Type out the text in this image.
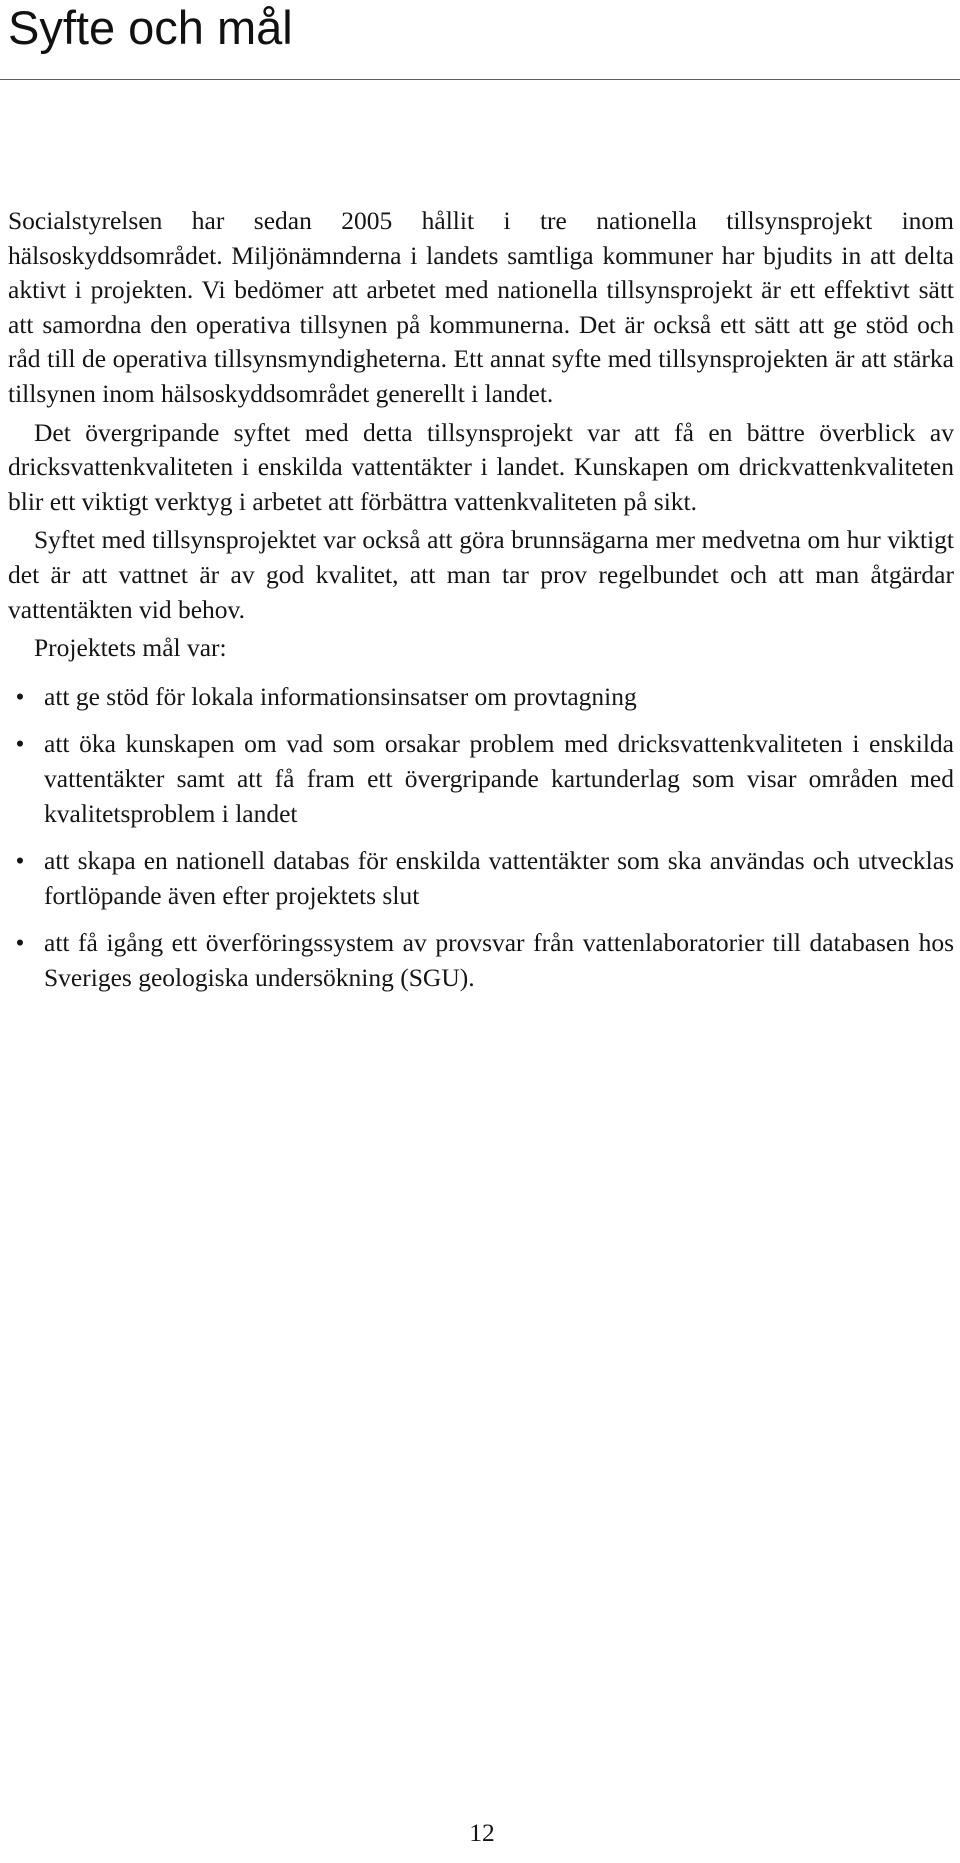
Syfte och mål

Socialstyrelsen har sedan 2005 hållit i tre nationella tillsynsprojekt inom hälsoskyddsområdet. Miljönämnderna i landets samtliga kommuner har bjudits in att delta aktivt i projekten. Vi bedömer att arbetet med nationella tillsynsprojekt är ett effektivt sätt att samordna den operativa tillsynen på kommunerna. Det är också ett sätt att ge stöd och råd till de operativa tillsynsmyndigheterna. Ett annat syfte med tillsynsprojekten är att stärka tillsynen inom hälsoskyddsområdet generellt i landet.

Det övergripande syftet med detta tillsynsprojekt var att få en bättre överblick av dricksvattenkvaliteten i enskilda vattentäkter i landet. Kunskapen om drickvattenkvaliteten blir ett viktigt verktyg i arbetet att förbättra vattenkvaliteten på sikt.

Syftet med tillsynsprojektet var också att göra brunnsägarna mer medvetna om hur viktigt det är att vattnet är av god kvalitet, att man tar prov regelbundet och att man åtgärdar vattentäkten vid behov.

Projektets mål var:

• att ge stöd för lokala informationsinsatser om provtagning
• att öka kunskapen om vad som orsakar problem med dricksvattenkvaliteten i enskilda vattentäkter samt att få fram ett övergripande kartunderlag som visar områden med kvalitetsproblem i landet
• att skapa en nationell databas för enskilda vattentäkter som ska användas och utvecklas fortlöpande även efter projektets slut
• att få igång ett överföringssystem av provsvar från vattenlaboratorier till databasen hos Sveriges geologiska undersökning (SGU).
12
